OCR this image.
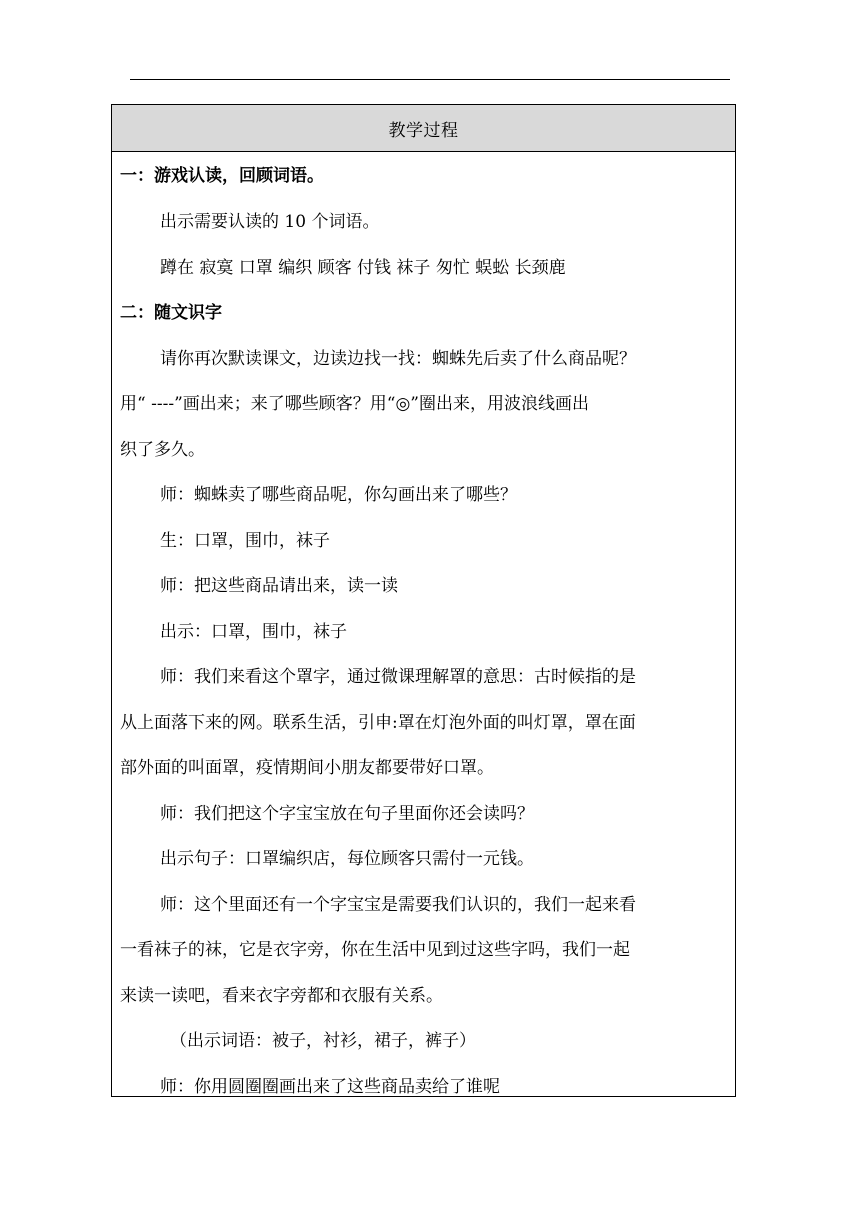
教学过程
一：游戏认读，回顾词语。
出示需要认读的 10 个词语。
蹲在 寂寞 口罩 编织 顾客 付钱 袜子 匆忙 蜈蚣 长颈鹿
二：随文识字
请你再次默读课文，边读边找一找：蜘蛛先后卖了什么商品呢？
用“ ----”画出来；来了哪些顾客？用“◎”圈出来，用波浪线画出
织了多久。
师：蜘蛛卖了哪些商品呢，你勾画出来了哪些？
生：口罩，围巾，袜子
师：把这些商品请出来，读一读
出示：口罩，围巾，袜子
师：我们来看这个罩字，通过微课理解罩的意思：古时候指的是
从上面落下来的网。联系生活，引申:罩在灯泡外面的叫灯罩，罩在面
部外面的叫面罩，疫情期间小朋友都要带好口罩。
师：我们把这个字宝宝放在句子里面你还会读吗？
出示句子：口罩编织店，每位顾客只需付一元钱。
师：这个里面还有一个字宝宝是需要我们认识的，我们一起来看
一看袜子的袜，它是衣字旁，你在生活中见到过这些字吗，我们一起
来读一读吧，看来衣字旁都和衣服有关系。
（出示词语：被子，衬衫，裙子，裤子）
师：你用圆圈圈画出来了这些商品卖给了谁呢
